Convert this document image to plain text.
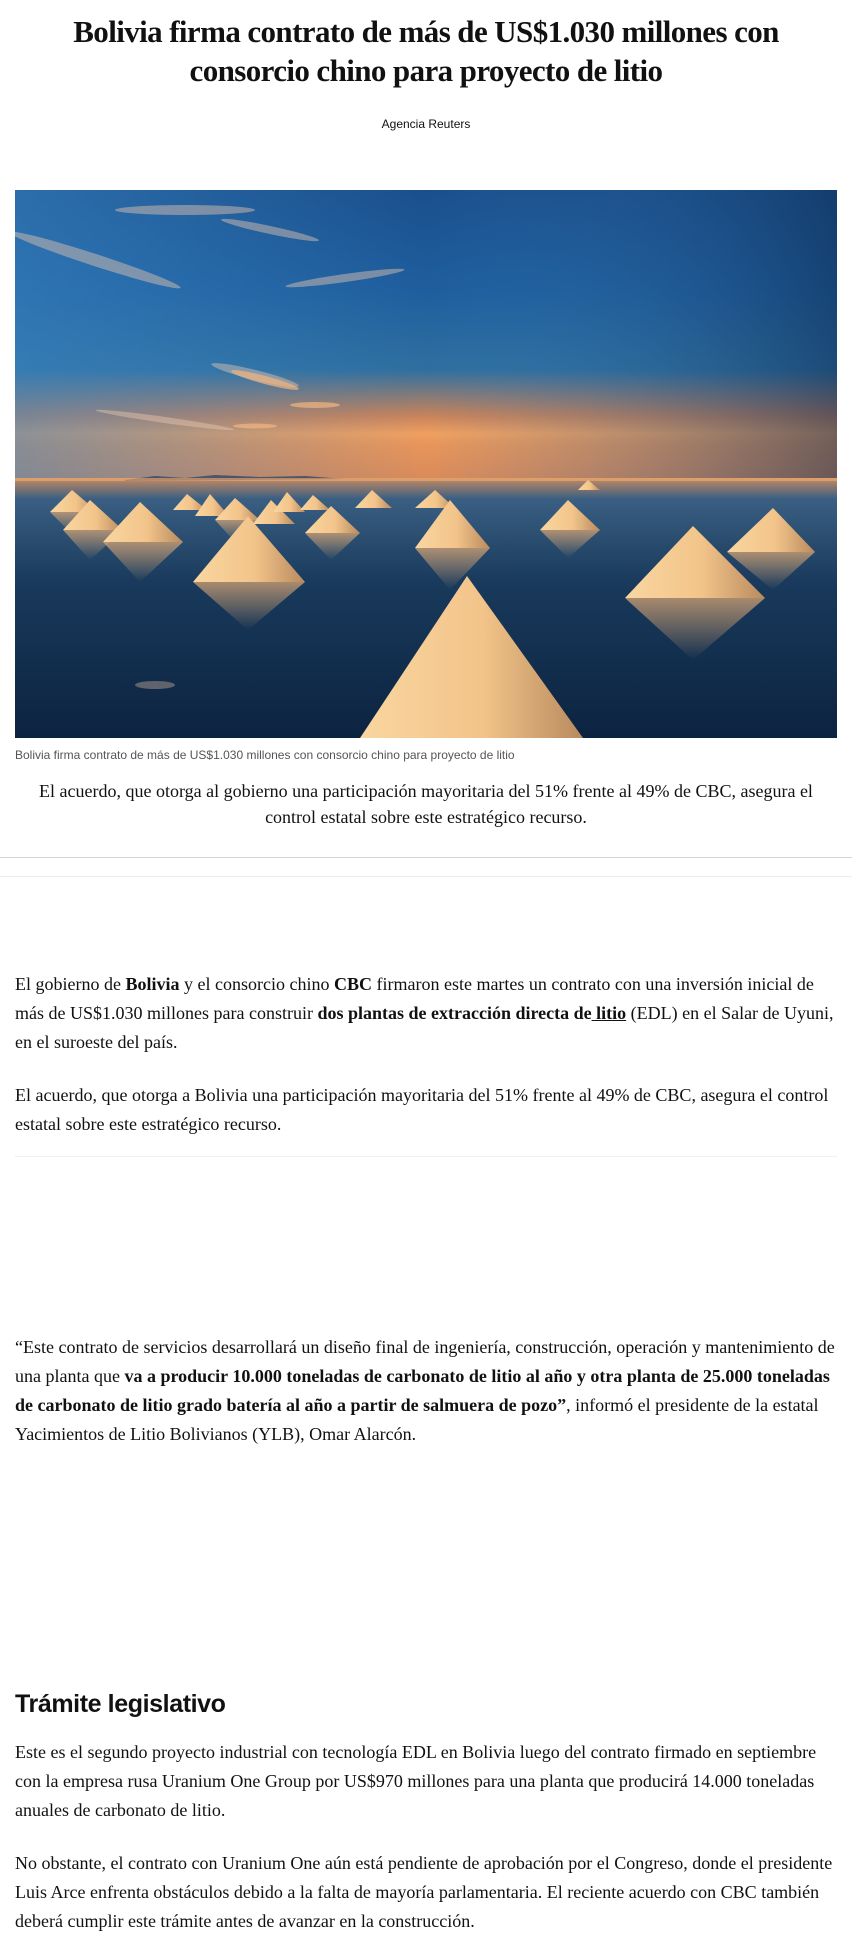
Bolivia firma contrato de más de US$1.030 millones con consorcio chino para proyecto de litio
Agencia Reuters
Bolivia firma contrato de más de US$1.030 millones con consorcio chino para proyecto de litio

El acuerdo, que otorga al gobierno una participación mayoritaria del 51% frente al 49% de CBC, asegura el control estatal sobre este estratégico recurso.

El gobierno de Bolivia y el consorcio chino CBC firmaron este martes un contrato con una inversión inicial de más de US$1.030 millones para construir dos plantas de extracción directa de litio (EDL) en el Salar de Uyuni, en el suroeste del país.

El acuerdo, que otorga a Bolivia una participación mayoritaria del 51% frente al 49% de CBC, asegura el control estatal sobre este estratégico recurso.

“Este contrato de servicios desarrollará un diseño final de ingeniería, construcción, operación y mantenimiento de una planta que va a producir 10.000 toneladas de carbonato de litio al año y otra planta de 25.000 toneladas de carbonato de litio grado batería al año a partir de salmuera de pozo”, informó el presidente de la estatal Yacimientos de Litio Bolivianos (YLB), Omar Alarcón.

Trámite legislativo

Este es el segundo proyecto industrial con tecnología EDL en Bolivia luego del contrato firmado en septiembre con la empresa rusa Uranium One Group por US$970 millones para una planta que producirá 14.000 toneladas anuales de carbonato de litio.

No obstante, el contrato con Uranium One aún está pendiente de aprobación por el Congreso, donde el presidente Luis Arce enfrenta obstáculos debido a la falta de mayoría parlamentaria. El reciente acuerdo con CBC también deberá cumplir este trámite antes de avanzar en la construcción.
